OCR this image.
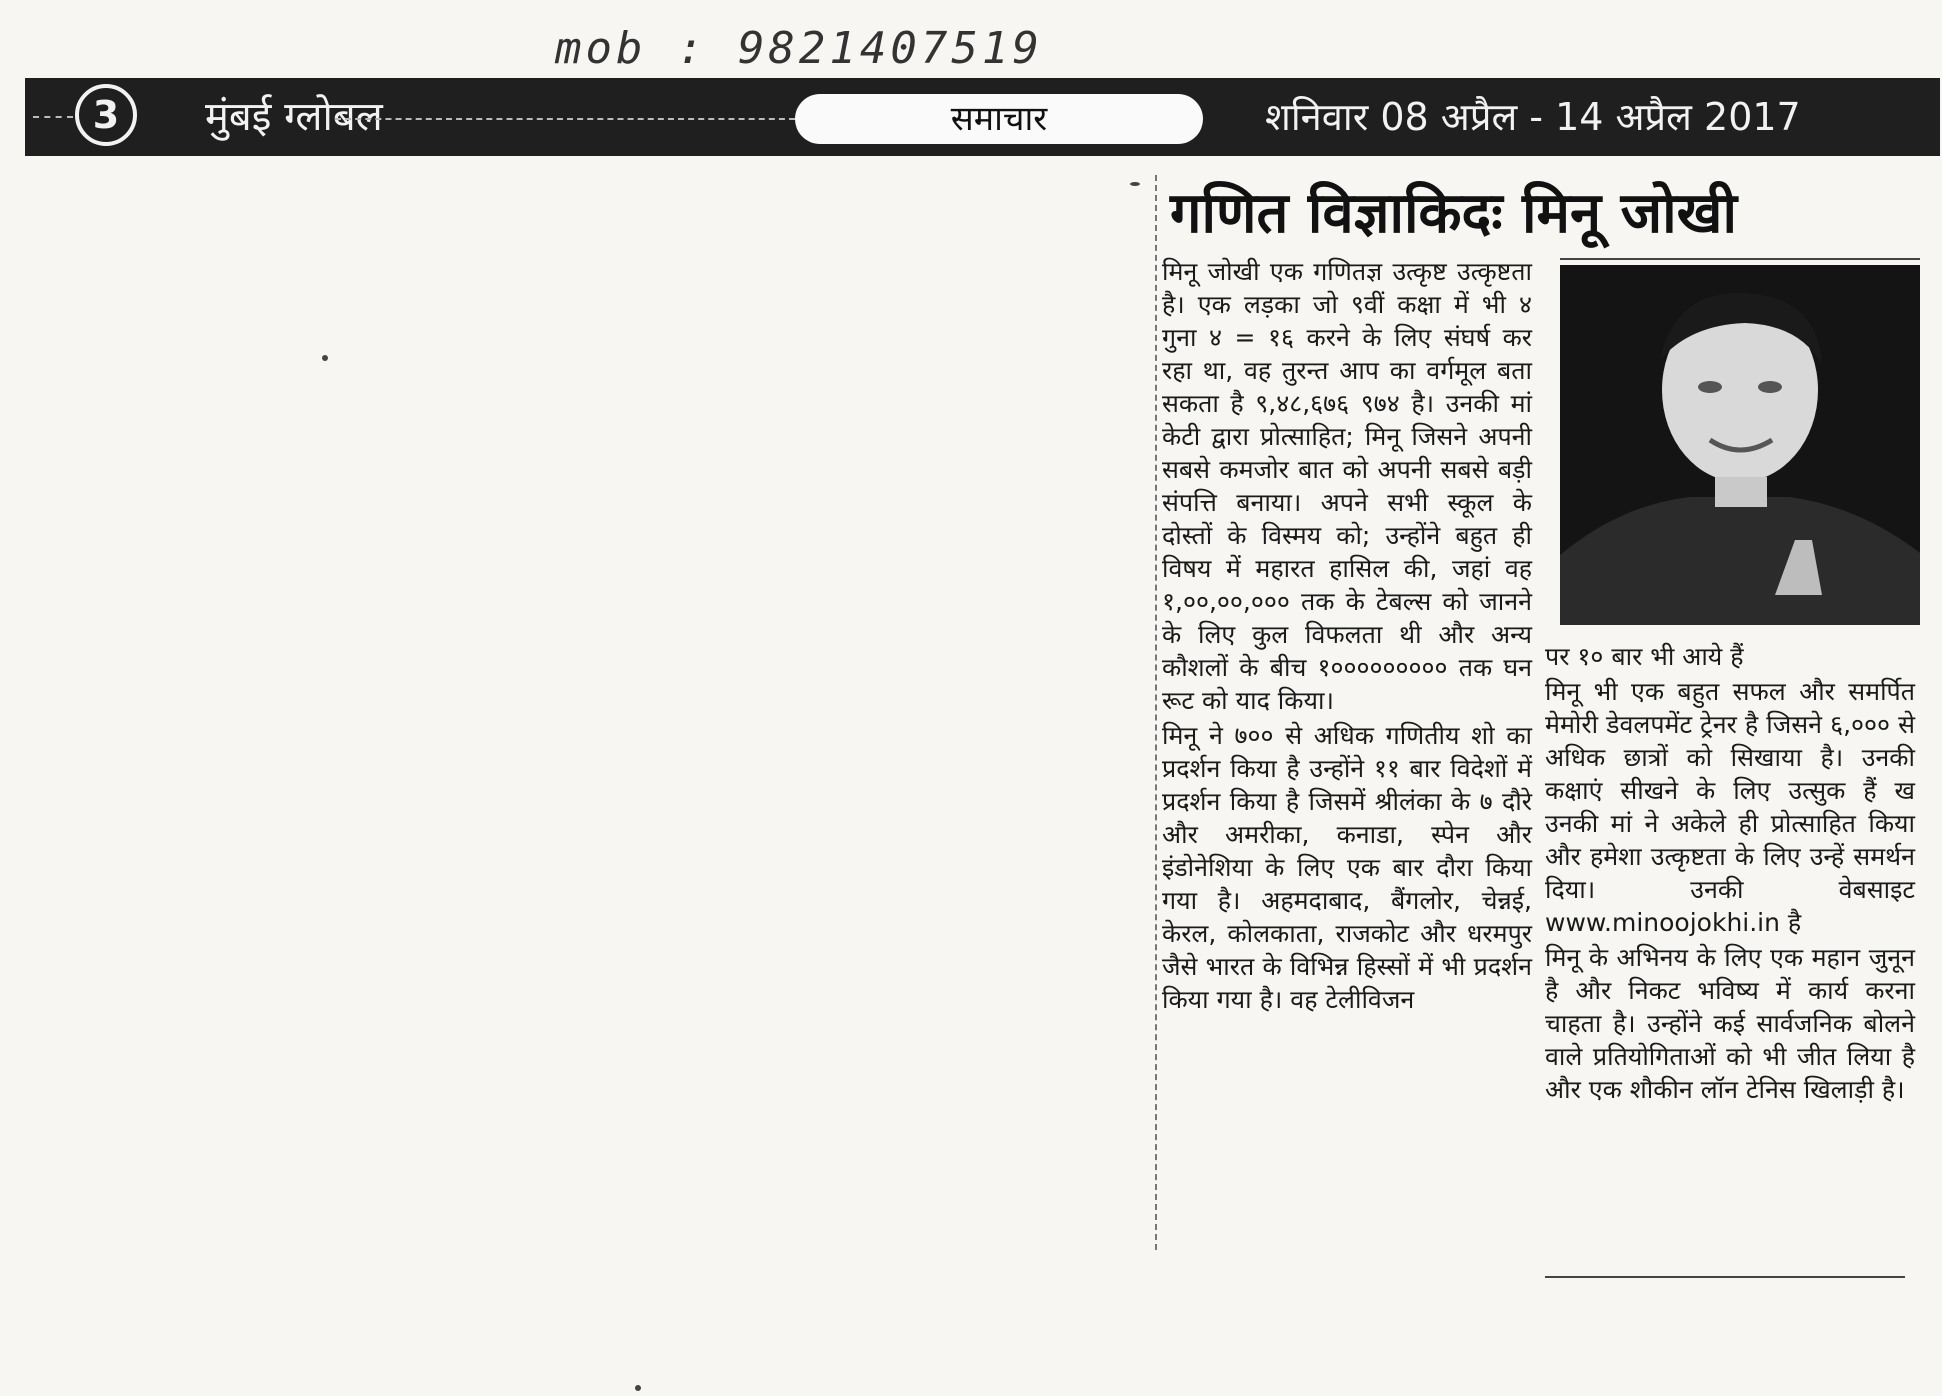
mob : 9821407519
3	मुंबई ग्लोबल	समाचार	शनिवार 08 अप्रैल - 14 अप्रैल 2017
गणित विज्ञाकिदः मिनू जोखी

मिनू जोखी एक गणितज्ञ उत्कृष्ट उत्कृष्टता है। एक लड़का जो ९वीं कक्षा में भी ४ गुना ४ = १६ करने के लिए संघर्ष कर रहा था, वह तुरन्त आप का वर्गमूल बता सकता है ९,४८,६७६ ९७४ है। उनकी मां केटी द्वारा प्रोत्साहित; मिनू जिसने अपनी सबसे कमजोर बात को अपनी सबसे बड़ी संपत्ति बनाया। अपने सभी स्कूल के दोस्तों के विस्मय को; उन्होंने बहुत ही विषय में महारत हासिल की, जहां वह १,००,००,००० तक के टेबल्स को जानने के लिए कुल विफलता थी और अन्य कौशलों के बीच १००००००००० तक घन रूट को याद किया।

मिनू ने ७०० से अधिक गणितीय शो का प्रदर्शन किया है उन्होंने ११ बार विदेशों में प्रदर्शन किया है जिसमें श्रीलंका के ७ दौरे और अमरीका, कनाडा, स्पेन और इंडोनेशिया के लिए एक बार दौरा किया गया है। अहमदाबाद, बैंगलोर, चेन्नई, केरल, कोलकाता, राजकोट और धरमपुर जैसे भारत के विभिन्न हिस्सों में भी प्रदर्शन किया गया है। वह टेलीविजन

पर १० बार भी आये हैं

मिनू भी एक बहुत सफल और समर्पित मेमोरी डेवलपमेंट ट्रेनर है जिसने ६,००० से अधिक छात्रों को सिखाया है। उनकी कक्षाएं सीखने के लिए उत्सुक हैं ख उनकी मां ने अकेले ही प्रोत्साहित किया और हमेशा उत्कृष्टता के लिए उन्हें समर्थन दिया। उनकी वेबसाइट www.minoojokhi.in है

मिनू के अभिनय के लिए एक महान जुनून है और निकट भविष्य में कार्य करना चाहता है। उन्होंने कई सार्वजनिक बोलने वाले प्रतियोगिताओं को भी जीत लिया है और एक शौकीन लॉन टेनिस खिलाड़ी है।
